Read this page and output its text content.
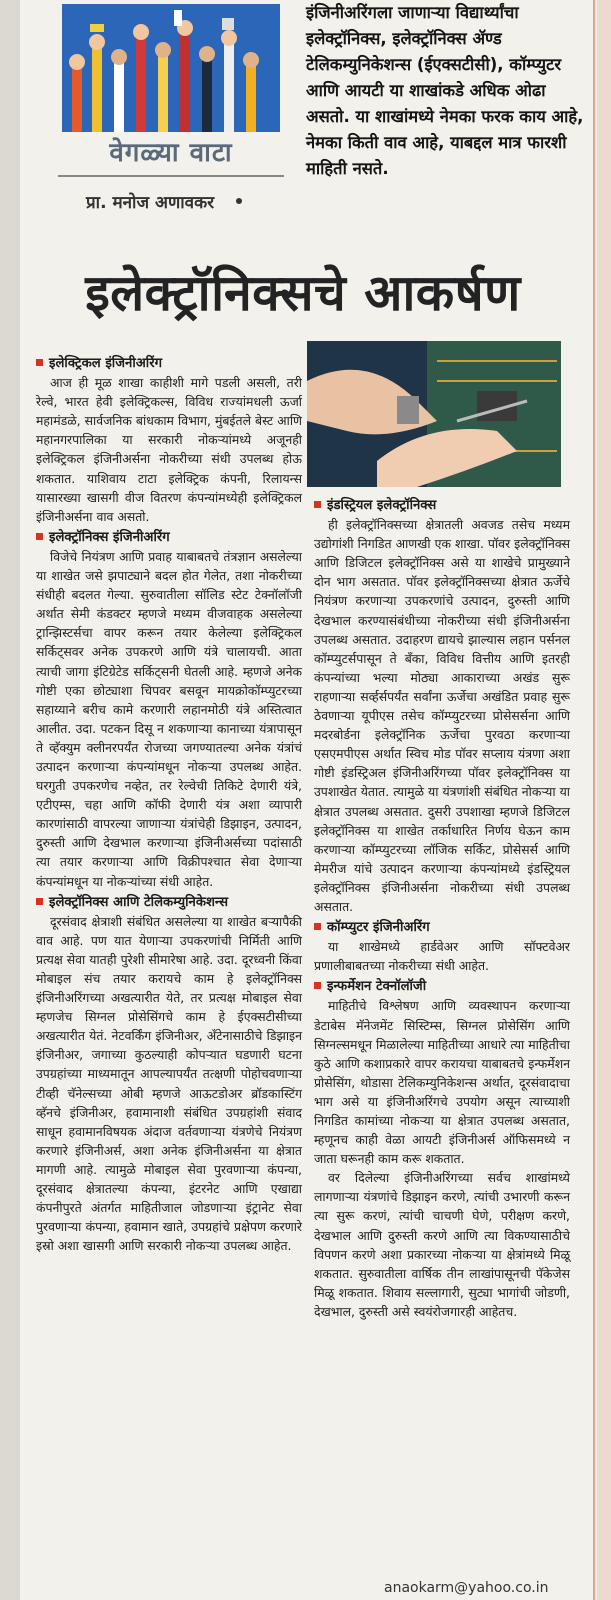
वेगळ्या वाटा
प्रा. मनोज अणावकर
इंजिनीअरिंगला जाणाऱ्या विद्यार्थ्यांचा इलेक्ट्रॉनिक्स, इलेक्ट्रॉनिक्स ॲण्ड टेलिकम्युनिकेशन्स (ईएक्सटीसी), कॉम्प्युटर आणि आयटी या शाखांकडे अधिक ओढा असतो. या शाखांमध्ये नेमका फरक काय आहे, नेमका किती वाव आहे, याबद्दल मात्र फारशी माहिती नसते.
इलेक्ट्रॉनिक्सचे आकर्षण
इलेक्ट्रिकल इंजिनीअरिंग
आज ही मूळ शाखा काहीशी मागे पडली असली, तरी रेल्वे, भारत हेवी इलेक्ट्रिकल्स, विविध राज्यांमधली ऊर्जा महामंडळे, सार्वजनिक बांधकाम विभाग, मुंबईतले बेस्ट आणि महानगरपालिका या सरकारी नोकऱ्यांमध्ये अजूनही इलेक्ट्रिकल इंजिनीअर्सना नोकरीच्या संधी उपलब्ध होऊ शकतात. याशिवाय टाटा इलेक्ट्रिक कंपनी, रिलायन्स यासारख्या खासगी वीज वितरण कंपन्यांमध्येही इलेक्ट्रिकल इंजिनीअर्सना वाव असतो.
इलेक्ट्रॉनिक्स इंजिनीअरिंग
विजेचे नियंत्रण आणि प्रवाह याबाबतचे तंत्रज्ञान असलेल्या या शाखेत जसे झपाट्याने बदल होत गेलेत, तशा नोकरीच्या संधीही बदलत गेल्या. सुरुवातीला सॉलिड स्टेट टेक्नॉलॉजी अर्थात सेमी कंडक्टर म्हणजे मध्यम वीजवाहक असलेल्या ट्रान्झिस्टर्सचा वापर करून तयार केलेल्या इलेक्ट्रिकल सर्किट्सवर अनेक उपकरणे आणि यंत्रे चालायची. आता त्याची जागा इंटिग्रेटेड सर्किट्सनी घेतली आहे. म्हणजे अनेक गोष्टी एका छोट्याशा चिपवर बसवून मायक्रोकॉम्प्युटरच्या सहाय्याने बरीच कामे करणारी लहानमोठी यंत्रे अस्तित्वात आलीत. उदा. पटकन दिसू न शकणाऱ्या कानाच्या यंत्रापासून ते व्हॅक्युम क्लीनरपर्यंत रोजच्या जगण्यातल्या अनेक यंत्रांचं उत्पादन करणाऱ्या कंपन्यांमधून नोकऱ्या उपलब्ध आहेत. घरगुती उपकरणेच नव्हेत, तर रेल्वेची तिकिटे देणारी यंत्रे, एटीएम्स, चहा आणि कॉफी देणारी यंत्र अशा व्यापारी कारणांसाठी वापरल्या जाणाऱ्या यंत्रांचेही डिझाइन, उत्पादन, दुरुस्ती आणि देखभाल करणाऱ्या इंजिनीअर्सच्या पदांसाठी त्या तयार करणाऱ्या आणि विक्रीपश्चात सेवा देणाऱ्या कंपन्यांमधून या नोकऱ्यांच्या संधी आहेत.
इलेक्ट्रॉनिक्स आणि टेलिकम्युनिकेशन्स
दूरसंवाद क्षेत्राशी संबंधित असलेल्या या शाखेत बऱ्यापैकी वाव आहे. पण यात येणाऱ्या उपकरणांची निर्मिती आणि प्रत्यक्ष सेवा यातही पुरेशी सीमारेषा आहे. उदा. दूरध्वनी किंवा मोबाइल संच तयार करायचे काम हे इलेक्ट्रॉनिक्स इंजिनीअरिंगच्या अखत्यारीत येते, तर प्रत्यक्ष मोबाइल सेवा म्हणजेच सिग्नल प्रोसेसिंगचे काम हे ईएक्सटीसीच्या अखत्यारीत येतं. नेटवर्किंग इंजिनीअर, अँटेनासाठीचे डिझाइन इंजिनीअर, जगाच्या कुठल्याही कोपऱ्यात घडणारी घटना उपग्रहांच्या माध्यमातून आपल्यापर्यंत तत्क्षणी पोहोचवणाऱ्या टीव्ही चॅनेल्सच्या ओबी म्हणजे आऊटडोअर ब्रॉडकास्टिंग व्हॅनचे इंजिनीअर, हवामानाशी संबंधित उपग्रहांशी संवाद साधून हवामानविषयक अंदाज वर्तवणाऱ्या यंत्रणेचे नियंत्रण करणारे इंजिनीअर्स, अशा अनेक इंजिनीअर्सना या क्षेत्रात मागणी आहे. त्यामुळे मोबाइल सेवा पुरवणाऱ्या कंपन्या, दूरसंवाद क्षेत्रातल्या कंपन्या, इंटरनेट आणि एखाद्या कंपनीपुरते अंतर्गत माहितीजाल जोडणाऱ्या इंट्रानेट सेवा पुरवणाऱ्या कंपन्या, हवामान खाते, उपग्रहांचे प्रक्षेपण करणारे इस्रो अशा खासगी आणि सरकारी नोकऱ्या उपलब्ध आहेत.
इंडस्ट्रियल इलेक्ट्रॉनिक्स
ही इलेक्ट्रॉनिक्सच्या क्षेत्रातली अवजड तसेच मध्यम उद्योगांशी निगडित आणखी एक शाखा. पॉवर इलेक्ट्रॉनिक्स आणि डिजिटल इलेक्ट्रॉनिक्स असे या शाखेचे प्रामुख्याने दोन भाग असतात. पॉवर इलेक्ट्रॉनिक्सच्या क्षेत्रात ऊर्जेचे नियंत्रण करणाऱ्या उपकरणांचे उत्पादन, दुरुस्ती आणि देखभाल करण्यासंबंधीच्या नोकरीच्या संधी इंजिनीअर्सना उपलब्ध असतात. उदाहरण द्यायचे झाल्यास लहान पर्सनल कॉम्प्युटर्सपासून ते बँका, विविध वित्तीय आणि इतरही कंपन्यांच्या भल्या मोठ्या आकाराच्या अखंड सुरू राहणाऱ्या सर्व्हर्सपर्यंत सर्वांना ऊर्जेचा अखंडित प्रवाह सुरू ठेवणाऱ्या यूपीएस तसेच कॉम्प्युटरच्या प्रोसेसर्सना आणि मदरबोर्डना इलेक्ट्रॉनिक ऊर्जेचा पुरवठा करणाऱ्या एसएमपीएस अर्थात स्विच मोड पॉवर सप्लाय यंत्रणा अशा गोष्टी इंडस्ट्रिअल इंजिनीअरिंगच्या पॉवर इलेक्ट्रॉनिक्स या उपशाखेत येतात. त्यामुळे या यंत्रणांशी संबंधित नोकऱ्या या क्षेत्रात उपलब्ध असतात. दुसरी उपशाखा म्हणजे डिजिटल इलेक्ट्रॉनिक्स या शाखेत तर्काधारित निर्णय घेऊन काम करणाऱ्या कॉम्प्युटरच्या लॉजिक सर्किट, प्रोसेसर्स आणि मेमरीज यांचे उत्पादन करणाऱ्या कंपन्यांमध्ये इंडस्ट्रियल इलेक्ट्रॉनिक्स इंजिनीअर्सना नोकरीच्या संधी उपलब्ध असतात.
कॉम्प्युटर इंजिनीअरिंग
या शाखेमध्ये हार्डवेअर आणि सॉफ्टवेअर प्रणालीबाबतच्या नोकरीच्या संधी आहेत.
इन्फर्मेशन टेक्नॉलॉजी
माहितीचे विश्लेषण आणि व्यवस्थापन करणाऱ्या डेटाबेस मॅनेजमेंट सिस्टिम्स, सिग्नल प्रोसेसिंग आणि सिग्नल्समधून मिळालेल्या माहितीच्या आधारे त्या माहितीचा कुठे आणि कशाप्रकारे वापर करायचा याबाबतचे इन्फर्मेशन प्रोसेसिंग, थोडासा टेलिकम्युनिकेशन्स अर्थात, दूरसंवादाचा भाग असे या इंजिनीअरिंगचे उपयोग असून त्याच्याशी निगडित कामांच्या नोकऱ्या या क्षेत्रात उपलब्ध असतात, म्हणूनच काही वेळा आयटी इंजिनीअर्स ऑफिसमध्ये न जाता घरूनही काम करू शकतात.
वर दिलेल्या इंजिनीअरिंगच्या सर्वच शाखांमध्ये लागणाऱ्या यंत्रणांचे डिझाइन करणे, त्यांची उभारणी करून त्या सुरू करणं, त्यांची चाचणी घेणे, परीक्षण करणे, देखभाल आणि दुरुस्ती करणे आणि त्या विकण्यासाठीचे विपणन करणे अशा प्रकारच्या नोकऱ्या या क्षेत्रांमध्ये मिळू शकतात. सुरुवातीला वार्षिक तीन लाखांपासूनची पॅकेजेस मिळू शकतात. शिवाय सल्लागारी, सुट्या भागांची जोडणी, देखभाल, दुरुस्ती असे स्वयंरोजगारही आहेतच.
anaokarm@yahoo.co.in
